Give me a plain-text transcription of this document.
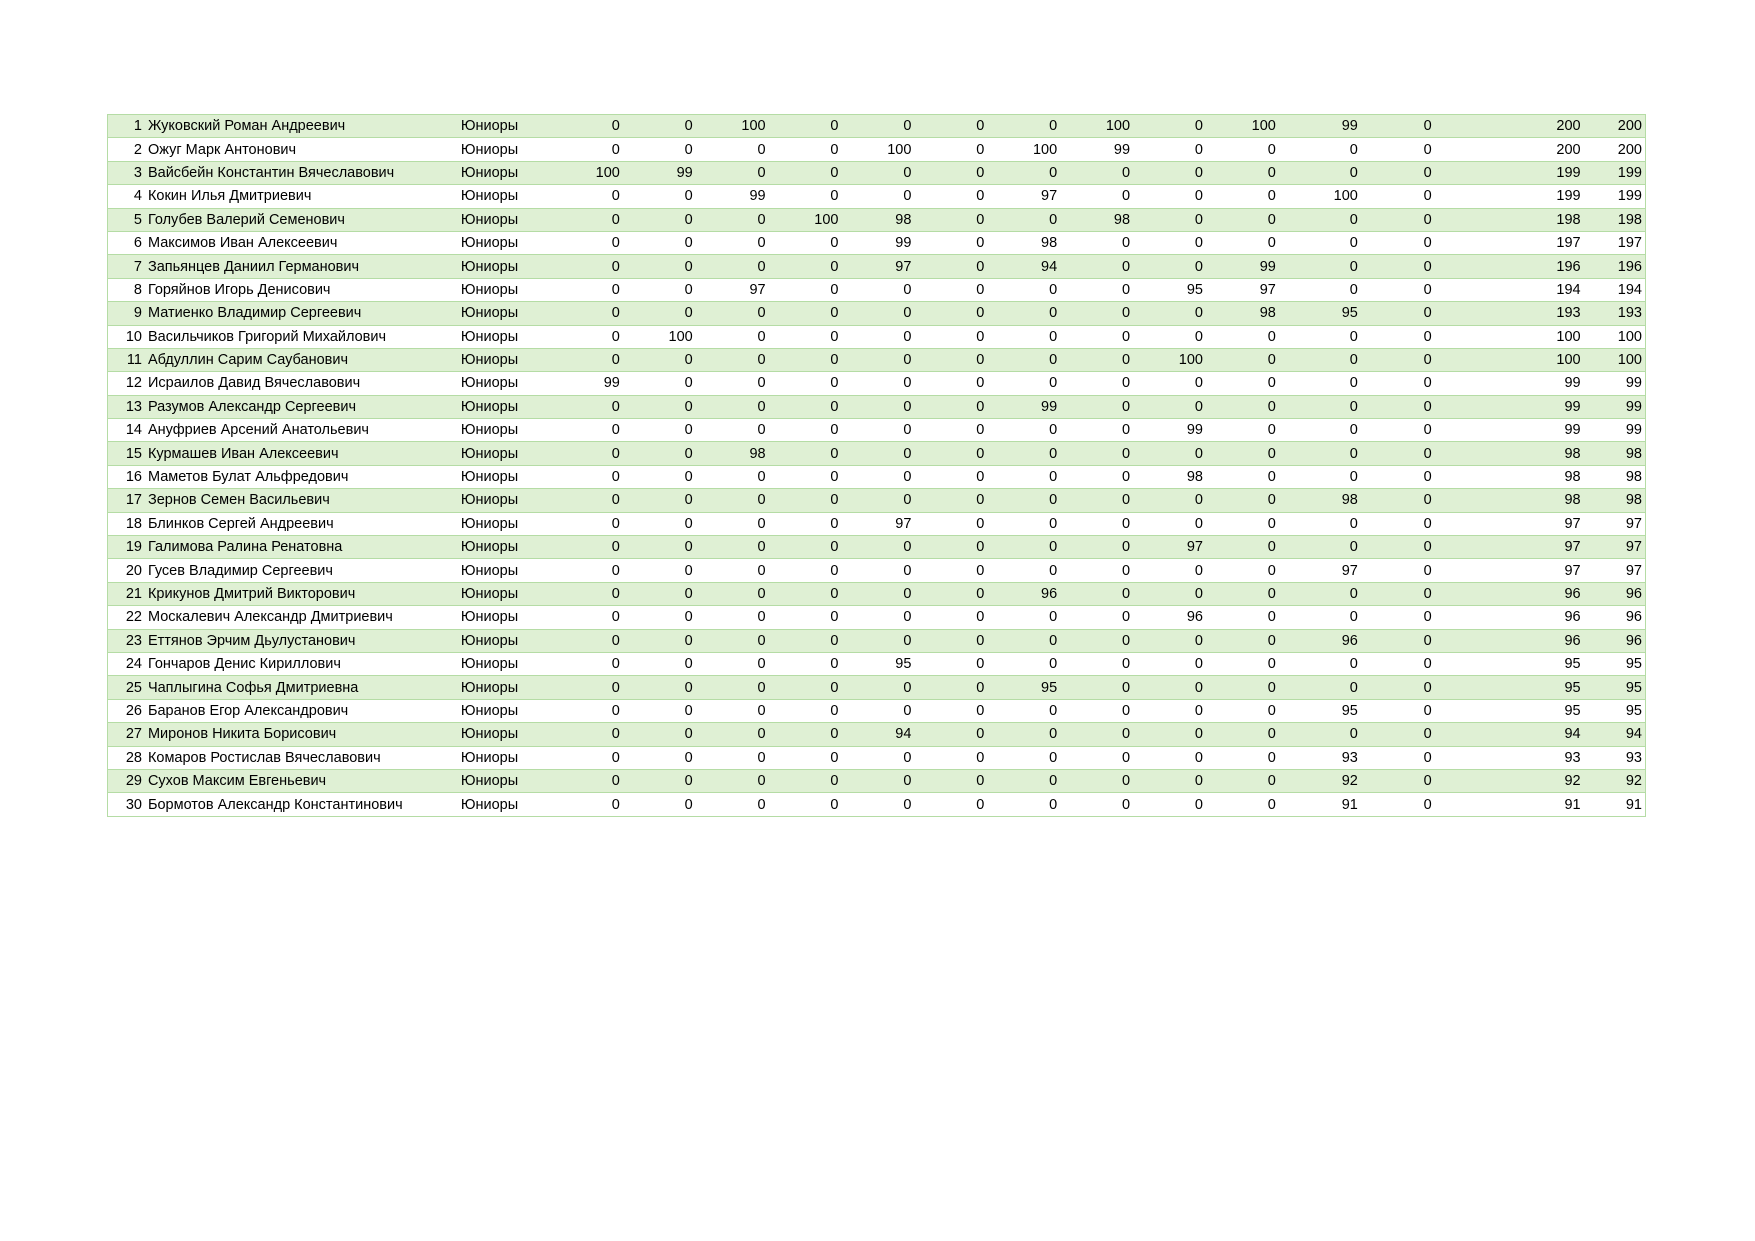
1	Жуковский Роман Андреевич	Юниоры	0	0	100	0	0	0	0	100	0	100	99	0	200	200
2	Ожуг Марк Антонович	Юниоры	0	0	0	0	100	0	100	99	0	0	0	0	200	200
3	Вайсбейн Константин Вячеславович	Юниоры	100	99	0	0	0	0	0	0	0	0	0	0	199	199
4	Кокин Илья Дмитриевич	Юниоры	0	0	99	0	0	0	97	0	0	0	100	0	199	199
5	Голубев Валерий Семенович	Юниоры	0	0	0	100	98	0	0	98	0	0	0	0	198	198
6	Максимов Иван Алексеевич	Юниоры	0	0	0	0	99	0	98	0	0	0	0	0	197	197
7	Запьянцев Даниил Германович	Юниоры	0	0	0	0	97	0	94	0	0	99	0	0	196	196
8	Горяйнов Игорь Денисович	Юниоры	0	0	97	0	0	0	0	0	95	97	0	0	194	194
9	Матиенко Владимир Сергеевич	Юниоры	0	0	0	0	0	0	0	0	0	98	95	0	193	193
10	Васильчиков Григорий Михайлович	Юниоры	0	100	0	0	0	0	0	0	0	0	0	0	100	100
11	Абдуллин Сарим Саубанович	Юниоры	0	0	0	0	0	0	0	0	100	0	0	0	100	100
12	Исраилов Давид Вячеславович	Юниоры	99	0	0	0	0	0	0	0	0	0	0	0	99	99
13	Разумов Александр Сергеевич	Юниоры	0	0	0	0	0	0	99	0	0	0	0	0	99	99
14	Ануфриев Арсений Анатольевич	Юниоры	0	0	0	0	0	0	0	0	99	0	0	0	99	99
15	Курмашев Иван Алексеевич	Юниоры	0	0	98	0	0	0	0	0	0	0	0	0	98	98
16	Маметов Булат Альфредович	Юниоры	0	0	0	0	0	0	0	0	98	0	0	0	98	98
17	Зернов Семен Васильевич	Юниоры	0	0	0	0	0	0	0	0	0	0	98	0	98	98
18	Блинков Сергей Андреевич	Юниоры	0	0	0	0	97	0	0	0	0	0	0	0	97	97
19	Галимова Ралина Ренатовна	Юниоры	0	0	0	0	0	0	0	0	97	0	0	0	97	97
20	Гусев Владимир Сергеевич	Юниоры	0	0	0	0	0	0	0	0	0	0	97	0	97	97
21	Крикунов Дмитрий Викторович	Юниоры	0	0	0	0	0	0	96	0	0	0	0	0	96	96
22	Москалевич Александр Дмитриевич	Юниоры	0	0	0	0	0	0	0	0	96	0	0	0	96	96
23	Еттянов Эрчим Дьулустанович	Юниоры	0	0	0	0	0	0	0	0	0	0	96	0	96	96
24	Гончаров Денис Кириллович	Юниоры	0	0	0	0	95	0	0	0	0	0	0	0	95	95
25	Чаплыгина Софья Дмитриевна	Юниоры	0	0	0	0	0	0	95	0	0	0	0	0	95	95
26	Баранов Егор Александрович	Юниоры	0	0	0	0	0	0	0	0	0	0	95	0	95	95
27	Миронов Никита Борисович	Юниоры	0	0	0	0	94	0	0	0	0	0	0	0	94	94
28	Комаров Ростислав Вячеславович	Юниоры	0	0	0	0	0	0	0	0	0	0	93	0	93	93
29	Сухов Максим Евгеньевич	Юниоры	0	0	0	0	0	0	0	0	0	0	92	0	92	92
30	Бормотов Александр Константинович	Юниоры	0	0	0	0	0	0	0	0	0	0	91	0	91	91
